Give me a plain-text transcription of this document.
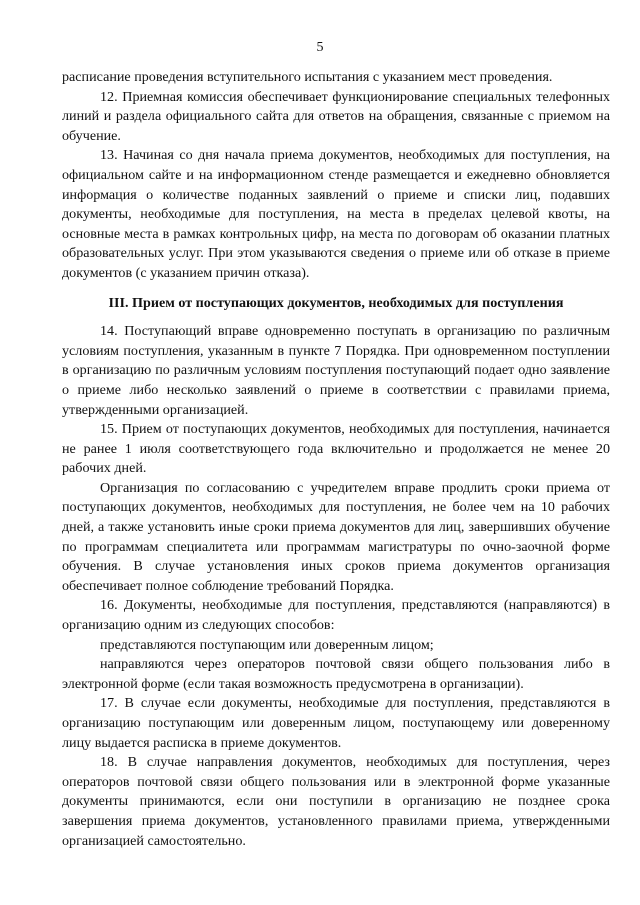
5

расписание проведения вступительного испытания с указанием мест проведения.

12. Приемная комиссия обеспечивает функционирование специальных телефонных линий и раздела официального сайта для ответов на обращения, связанные с приемом на обучение.

13. Начиная со дня начала приема документов, необходимых для поступления, на официальном сайте и на информационном стенде размещается и ежедневно обновляется информация о количестве поданных заявлений о приеме и списки лиц, подавших документы, необходимые для поступления, на места в пределах целевой квоты, на основные места в рамках контрольных цифр, на места по договорам об оказании платных образовательных услуг. При этом указываются сведения о приеме или об отказе в приеме документов (с указанием причин отказа).

III. Прием от поступающих документов, необходимых для поступления

14. Поступающий вправе одновременно поступать в организацию по различным условиям поступления, указанным в пункте 7 Порядка. При одновременном поступлении в организацию по различным условиям поступления поступающий подает одно заявление о приеме либо несколько заявлений о приеме в соответствии с правилами приема, утвержденными организацией.

15. Прием от поступающих документов, необходимых для поступления, начинается не ранее 1 июля соответствующего года включительно и продолжается не менее 20 рабочих дней.

Организация по согласованию с учредителем вправе продлить сроки приема от поступающих документов, необходимых для поступления, не более чем на 10 рабочих дней, а также установить иные сроки приема документов для лиц, завершивших обучение по программам специалитета или программам магистратуры по очно-заочной форме обучения. В случае установления иных сроков приема документов организация обеспечивает полное соблюдение требований Порядка.

16. Документы, необходимые для поступления, представляются (направляются) в организацию одним из следующих способов:

представляются поступающим или доверенным лицом;

направляются через операторов почтовой связи общего пользования либо в электронной форме (если такая возможность предусмотрена в организации).

17. В случае если документы, необходимые для поступления, представляются в организацию поступающим или доверенным лицом, поступающему или доверенному лицу выдается расписка в приеме документов.

18. В случае направления документов, необходимых для поступления, через операторов почтовой связи общего пользования или в электронной форме указанные документы принимаются, если они поступили в организацию не позднее срока завершения приема документов, установленного правилами приема, утвержденными организацией самостоятельно.
